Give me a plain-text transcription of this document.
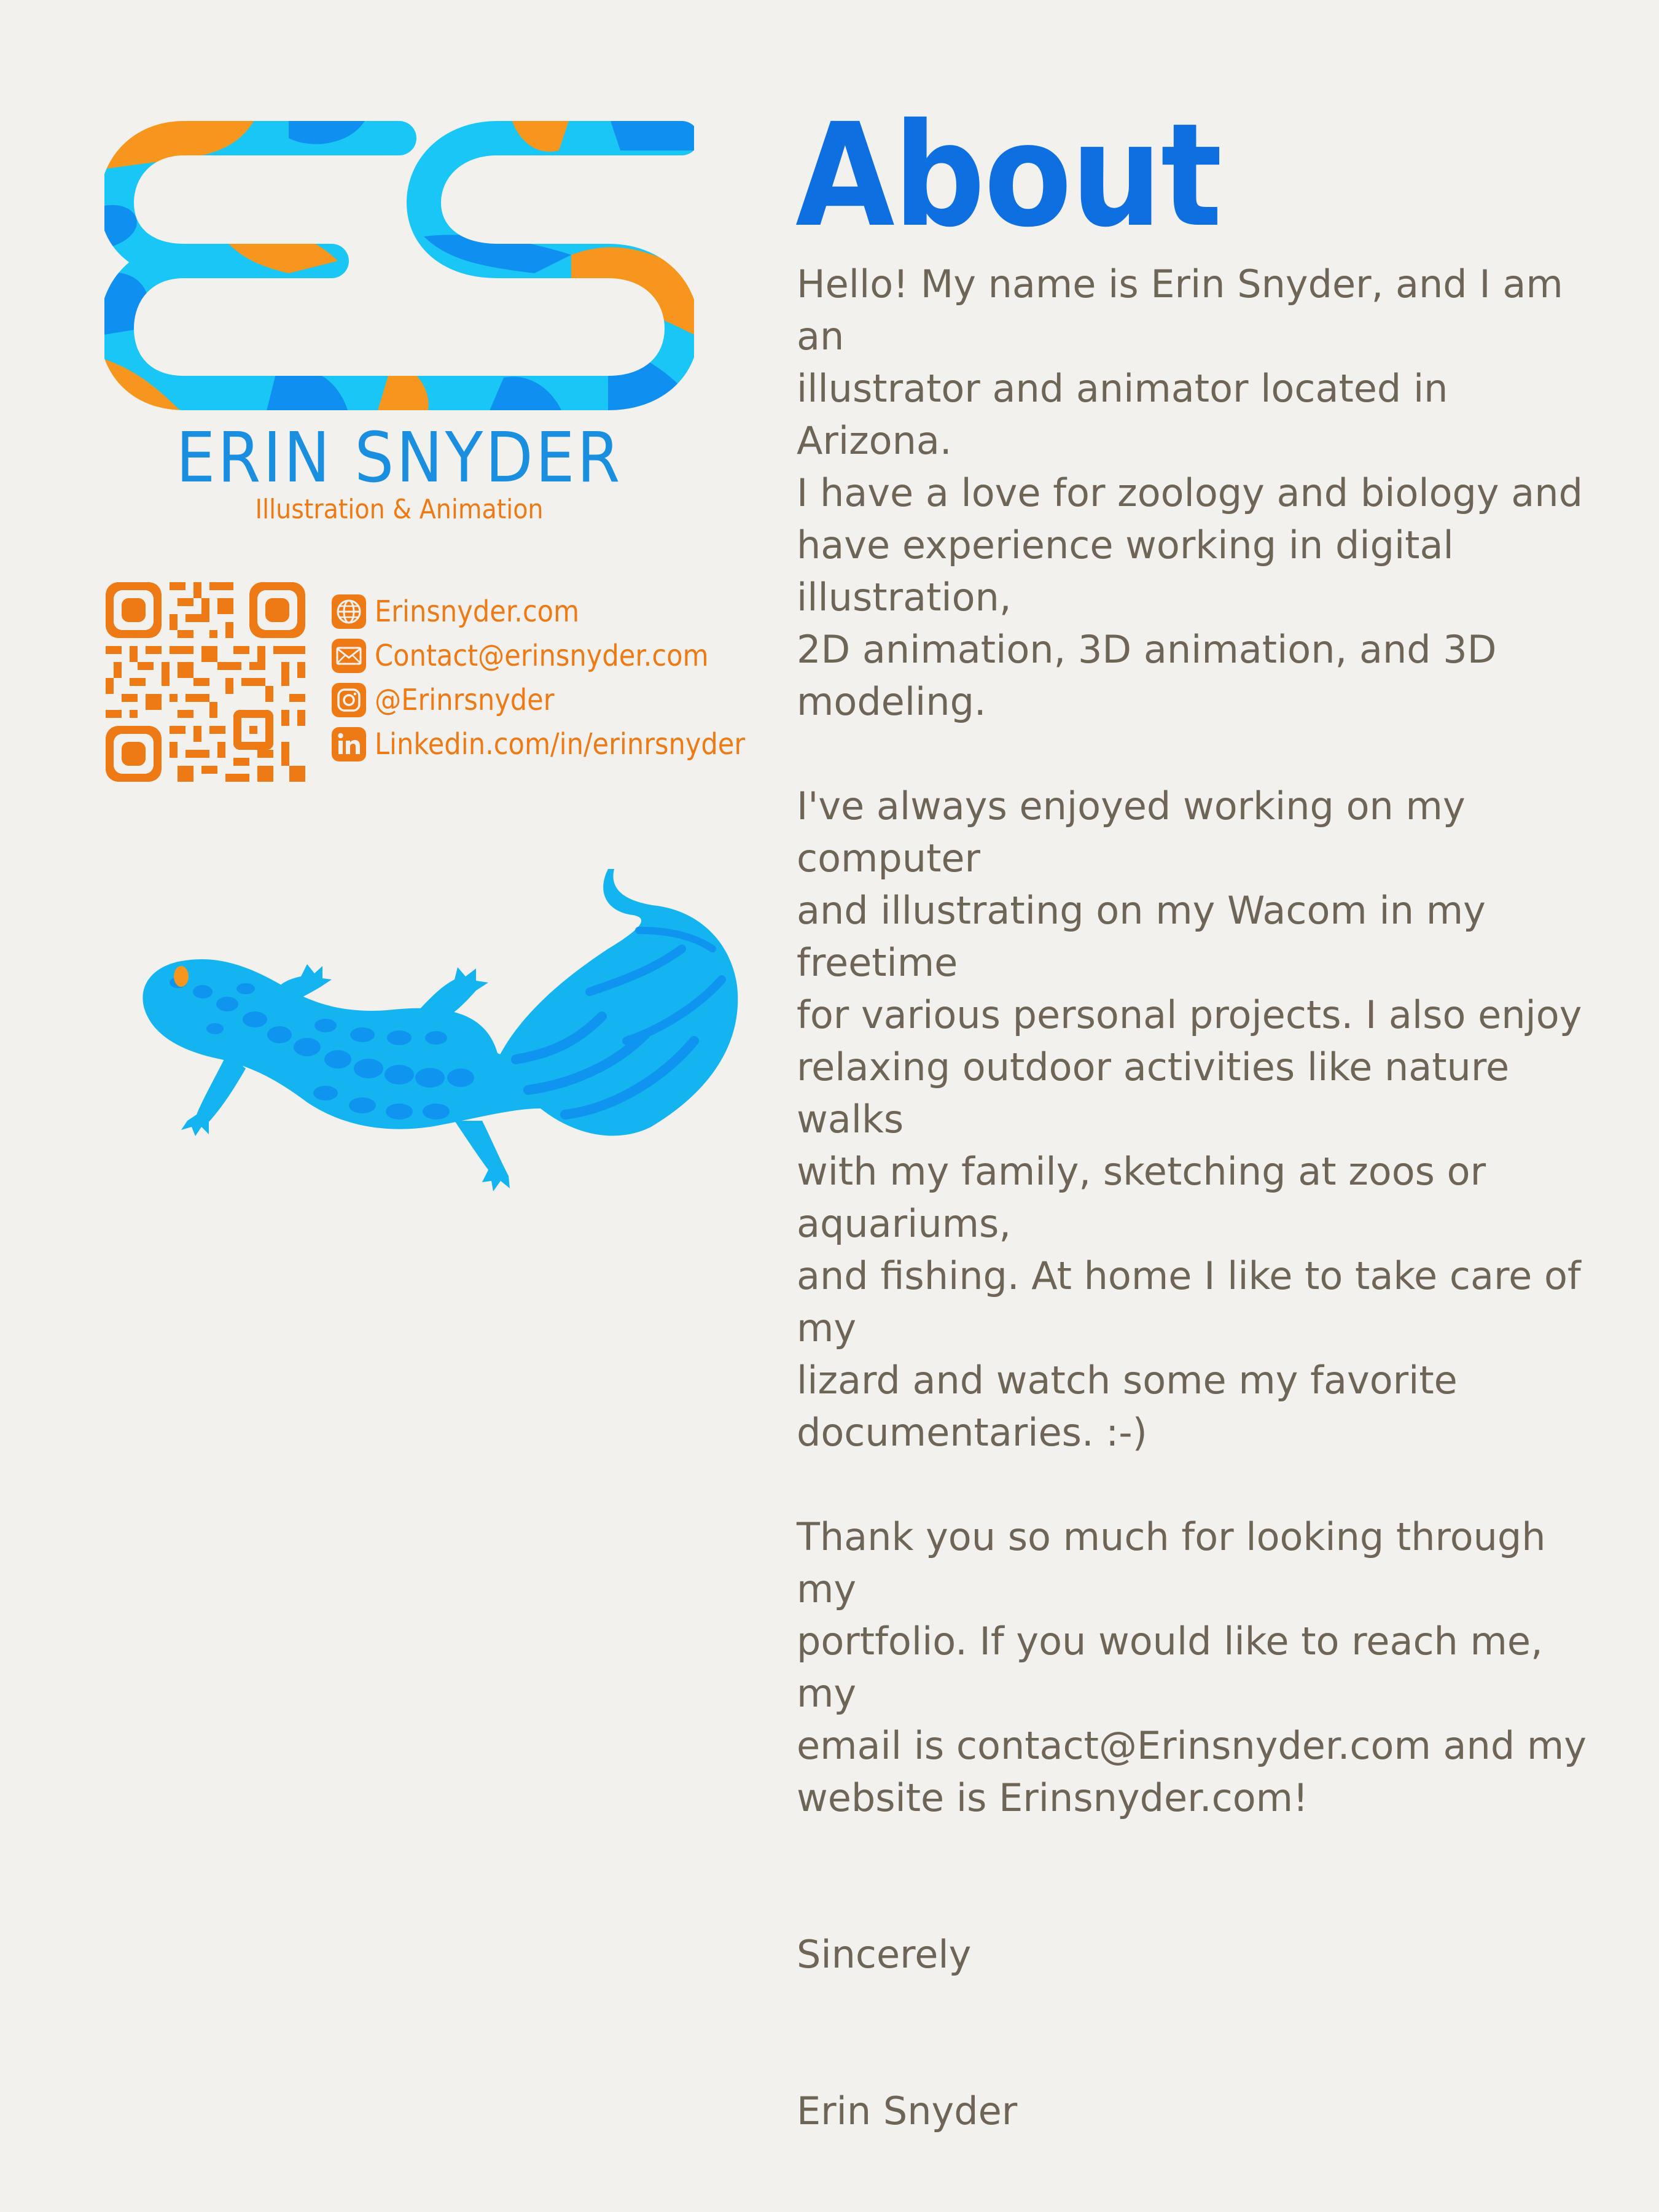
ERIN SNYDER
Illustration & Animation
Erinsnyder.com
Contact@erinsnyder.com
@Erinrsnyder
Linkedin.com/in/erinrsnyder
About

Hello! My name is Erin Snyder, and I am an
illustrator and animator located in Arizona.
I have a love for zoology and biology and
have experience working in digital illustration,
2D animation, 3D animation, and 3D modeling.

I've always enjoyed working on my computer
and illustrating on my Wacom in my freetime
for various personal projects. I also enjoy
relaxing outdoor activities like nature walks
with my family, sketching at zoos or aquariums,
and fishing. At home I like to take care of my
lizard and watch some my favorite
documentaries. :-)

Thank you so much for looking through my
portfolio. If you would like to reach me, my
email is contact@Erinsnyder.com and my
website is Erinsnyder.com!

Sincerely

Erin Snyder
